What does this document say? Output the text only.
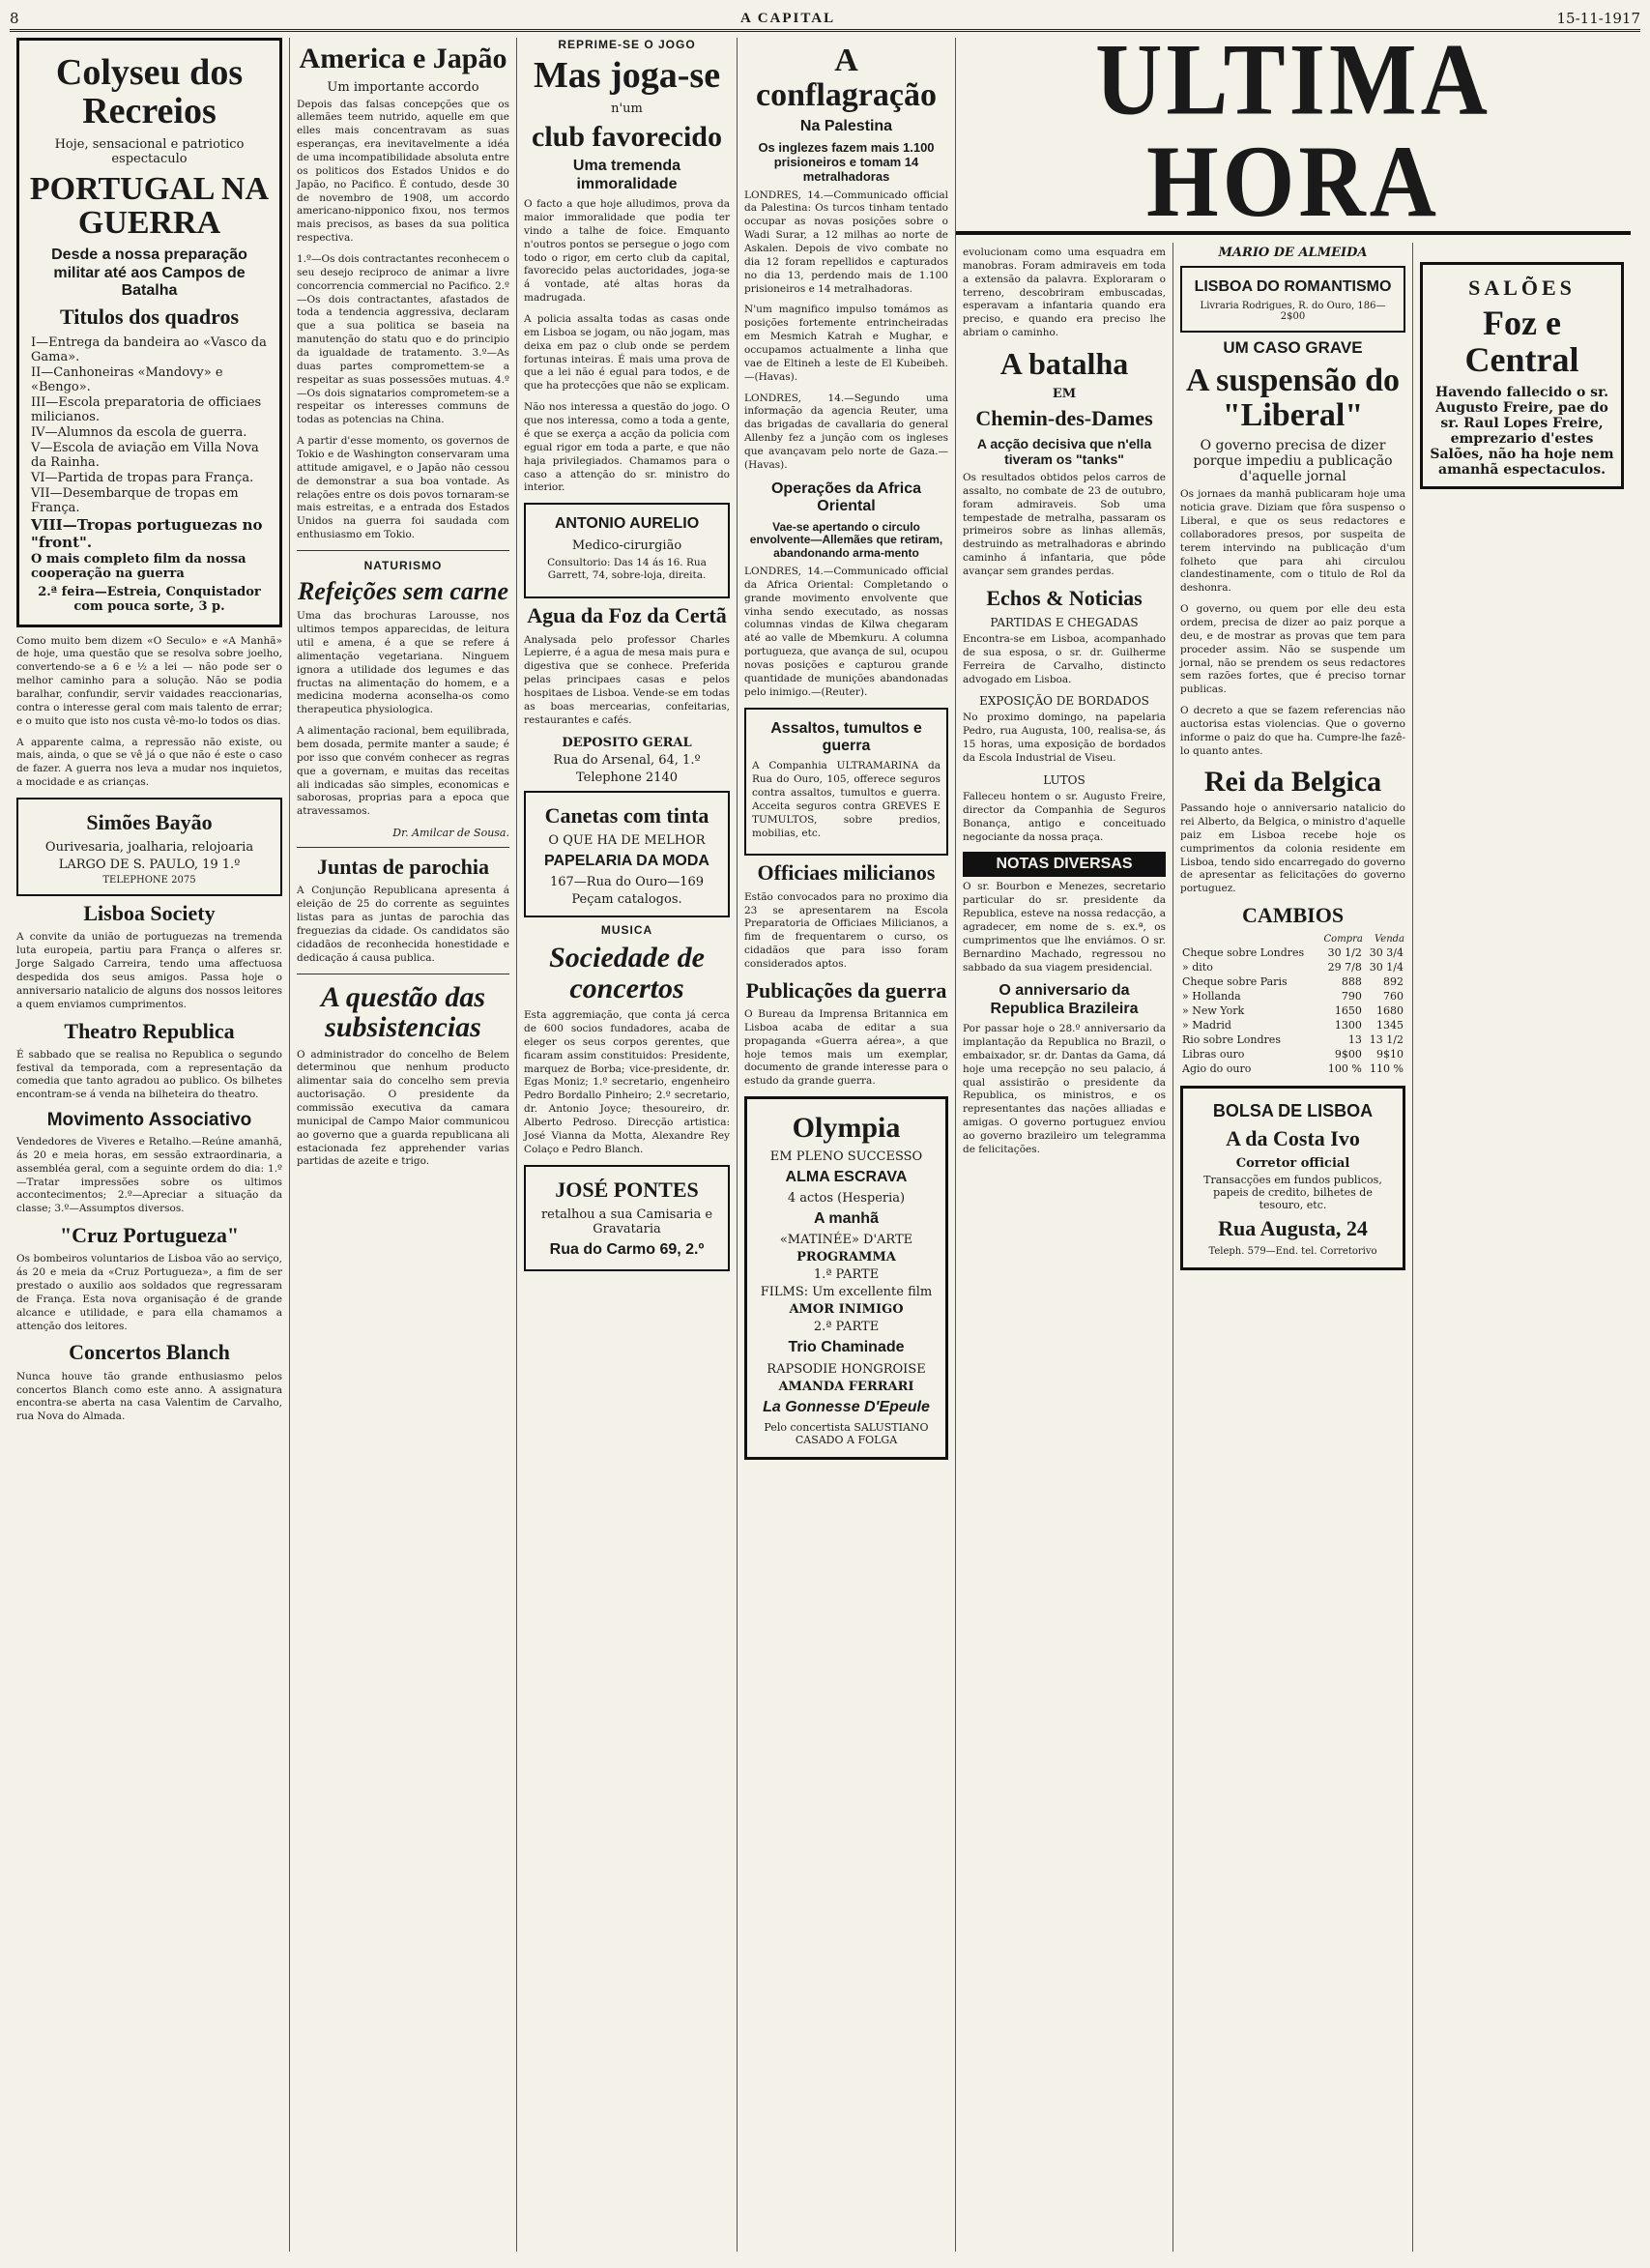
8	A CAPITAL	15-11-1917
Colyseu dos Recreios
Hoje, sensacional e patriotico espectaculo
PORTUGAL NA GUERRA
Desde a nossa preparação militar até aos Campos de Batalha
Titulos dos quadros
I—Entrega da bandeira ao «Vasco da Gama».
II—Canhoneiras «Mandovy» e «Bengo».
III—Escola preparatoria de officiaes milicianos.
IV—Alumnos da escola de guerra.
V—Escola de aviação em Villa Nova da Rainha.
VI—Partida de tropas para França.
VII—Desembarque de tropas em França.
VIII—Tropas portuguezas no "front".
O mais completo film da nossa cooperação na guerra
2.ª feira—Estreia, Conquistador com pouca sorte, 3 p.

Como muito bem dizem «O Seculo» e «A Manhã» de hoje, uma questão que se resolva sobre joelho, convertendo-se a 6 e ½ a lei — não pode ser o melhor caminho para a solução. Não se podia baralhar, confundir, servir vaidades reaccionarias, contra o interesse geral com mais talento de errar; e o muito que isto nos custa vê-mo-lo todos os dias.

A apparente calma, a repressão não existe, ou mais, ainda, o que se vê já o que não é este o caso de fazer. A guerra nos leva a mudar nos inquietos, a mocidade e as crianças.

Simões Bayão
Ourivesaria, joalharia, relojoaria
LARGO DE S. PAULO, 19 1.º
TELEPHONE 2075
Lisboa Society

A convite da união de portuguezas na tremenda luta europeia, partiu para França o alferes sr. Jorge Salgado Carreira, tendo uma affectuosa despedida dos seus amigos. Passa hoje o anniversario natalicio de alguns dos nossos leitores a quem enviamos cumprimentos.

Theatro Republica

É sabbado que se realisa no Republica o segundo festival da temporada, com a representação da comedia que tanto agradou ao publico. Os bilhetes encontram-se á venda na bilheteira do theatro.

Movimento Associativo

Vendedores de Viveres e Retalho.—Reúne amanhã, ás 20 e meia horas, em sessão extraordinaria, a assembléa geral, com a seguinte ordem do dia: 1.º—Tratar impressões sobre os ultimos accontecimentos; 2.º—Apreciar a situação da classe; 3.º—Assumptos diversos.

"Cruz Portugueza"

Os bombeiros voluntarios de Lisboa vão ao serviço, ás 20 e meia da «Cruz Portugueza», a fim de ser prestado o auxilio aos soldados que regressaram de França. Esta nova organisação é de grande alcance e utilidade, e para ella chamamos a attenção dos leitores.

Concertos Blanch

Nunca houve tão grande enthusiasmo pelos concertos Blanch como este anno. A assignatura encontra-se aberta na casa Valentim de Carvalho, rua Nova do Almada.

America e Japão
Um importante accordo

Depois das falsas concepções que os allemães teem nutrido, aquelle em que elles mais concentravam as suas esperanças, era inevitavelmente a idéa de uma incompatibilidade absoluta entre os politicos dos Estados Unidos e do Japão, no Pacifico. É contudo, desde 30 de novembro de 1908, um accordo americano-nipponico fixou, nos termos mais precisos, as bases da sua politica respectiva.

1.º—Os dois contractantes reconhecem o seu desejo reciproco de animar a livre concorrencia commercial no Pacifico. 2.º—Os dois contractantes, afastados de toda a tendencia aggressiva, declaram que a sua politica se baseia na manutenção do statu quo e do principio da igualdade de tratamento. 3.º—As duas partes compromettem-se a respeitar as suas possessões mutuas. 4.º—Os dois signatarios comprometem-se a respeitar os interesses communs de todas as potencias na China.

A partir d'esse momento, os governos de Tokio e de Washington conservaram uma attitude amigavel, e o Japão não cessou de demonstrar a sua boa vontade. As relações entre os dois povos tornaram-se mais estreitas, e a entrada dos Estados Unidos na guerra foi saudada com enthusiasmo em Tokio.

NATURISMO
Refeições sem carne

Uma das brochuras Larousse, nos ultimos tempos apparecidas, de leitura util e amena, é a que se refere á alimentação vegetariana. Ninguem ignora a utilidade dos legumes e das fructas na alimentação do homem, e a medicina moderna aconselha-os como therapeutica physiologica.

A alimentação racional, bem equilibrada, bem dosada, permite manter a saude; é por isso que convém conhecer as regras que a governam, e muitas das receitas ali indicadas são simples, economicas e saborosas, proprias para a epoca que atravessamos.

Dr. Amilcar de Sousa.
Juntas de parochia

A Conjunção Republicana apresenta á eleição de 25 do corrente as seguintes listas para as juntas de parochia das freguezias da cidade. Os candidatos são cidadãos de reconhecida honestidade e dedicação á causa publica.

A questão das subsistencias

O administrador do concelho de Belem determinou que nenhum producto alimentar saia do concelho sem previa auctorisação. O presidente da commissão executiva da camara municipal de Campo Maior communicou ao governo que a guarda republicana ali estacionada fez apprehender varias partidas de azeite e trigo.

REPRIME-SE O JOGO
Mas joga-se
n'um
club favorecido
Uma tremenda immoralidade

O facto a que hoje alludimos, prova da maior immoralidade que podia ter vindo a talhe de foice. Emquanto n'outros pontos se persegue o jogo com todo o rigor, em certo club da capital, favorecido pelas auctoridades, joga-se á vontade, até altas horas da madrugada.

A policia assalta todas as casas onde em Lisboa se jogam, ou não jogam, mas deixa em paz o club onde se perdem fortunas inteiras. É mais uma prova de que a lei não é egual para todos, e de que ha protecções que não se explicam.

Não nos interessa a questão do jogo. O que nos interessa, como a toda a gente, é que se exerça a acção da policia com egual rigor em toda a parte, e que não haja privilegiados. Chamamos para o caso a attenção do sr. ministro do interior.

ANTONIO AURELIO
Medico-cirurgião
Consultorio: Das 14 ás 16. Rua Garrett, 74, sobre-loja, direita.
Agua da Foz da Certã

Analysada pelo professor Charles Lepierre, é a agua de mesa mais pura e digestiva que se conhece. Preferida pelas principaes casas e pelos hospitaes de Lisboa. Vende-se em todas as boas mercearias, confeitarias, restaurantes e cafés.

DEPOSITO GERAL
Rua do Arsenal, 64, 1.º
Telephone 2140
Canetas com tinta
O QUE HA DE MELHOR
PAPELARIA DA MODA
167—Rua do Ouro—169
Peçam catalogos.
MUSICA
Sociedade de concertos

Esta aggremiação, que conta já cerca de 600 socios fundadores, acaba de eleger os seus corpos gerentes, que ficaram assim constituidos: Presidente, marquez de Borba; vice-presidente, dr. Egas Moniz; 1.º secretario, engenheiro Pedro Bordallo Pinheiro; 2.º secretario, dr. Antonio Joyce; thesoureiro, dr. Alberto Pedroso. Direcção artistica: José Vianna da Motta, Alexandre Rey Colaço e Pedro Blanch.

JOSÉ PONTES
retalhou a sua Camisaria e Gravataria
Rua do Carmo 69, 2.º
A conflagração
Na Palestina
Os inglezes fazem mais 1.100 prisioneiros e tomam 14 metralhadoras

LONDRES, 14.—Communicado official da Palestina: Os turcos tinham tentado occupar as novas posições sobre o Wadi Surar, a 12 milhas ao norte de Askalen. Depois de vivo combate no dia 12 foram repellidos e capturados no dia 13, perdendo mais de 1.100 prisioneiros e 14 metralhadoras.

N'um magnifico impulso tomámos as posições fortemente entrincheiradas em Mesmich Katrah e Mughar, e occupamos actualmente a linha que vae de Eltineh a leste de El Kubeibeh.—(Havas).

LONDRES, 14.—Segundo uma informação da agencia Reuter, uma das brigadas de cavallaria do general Allenby fez a junção com os ingleses que avançavam pelo norte de Gaza.—(Havas).

Operações da Africa Oriental
Vae-se apertando o circulo envolvente—Allemães que retiram, abandonando arma-mento

LONDRES, 14.—Communicado official da Africa Oriental: Completando o grande movimento envolvente que vinha sendo executado, as nossas columnas vindas de Kilwa chegaram até ao valle de Mbemkuru. A columna portugueza, que avança de sul, ocupou novas posições e capturou grande quantidade de munições abandonadas pelo inimigo.—(Reuter).

Assaltos, tumultos e guerra
A Companhia ULTRAMARINA da Rua do Ouro, 105, offerece seguros contra assaltos, tumultos e guerra. Acceita seguros contra GREVES E TUMULTOS, sobre predios, mobilias, etc.
Officiaes milicianos

Estão convocados para no proximo dia 23 se apresentarem na Escola Preparatoria de Officiaes Milicianos, a fim de frequentarem o curso, os cidadãos que para isso foram considerados aptos.

Publicações da guerra

O Bureau da Imprensa Britannica em Lisboa acaba de editar a sua propaganda «Guerra aérea», a que hoje temos mais um exemplar, documento de grande interesse para o estudo da grande guerra.

Olympia
EM PLENO SUCCESSO
ALMA ESCRAVA
4 actos (Hesperia)
A manhã
«MATINÉE» D'ARTE
PROGRAMMA
1.ª PARTE
FILMS: Um excellente film
AMOR INIMIGO
2.ª PARTE
Trio Chaminade
RAPSODIE HONGROISE
AMANDA FERRARI
La Gonnesse D'Epeule
Pelo concertista SALUSTIANO CASADO A FOLGA
ULTIMA HORA

evolucionam como uma esquadra em manobras. Foram admiraveis em toda a extensão da palavra. Exploraram o terreno, descobriram embuscadas, esperavam a infantaria quando era preciso, e quando era preciso lhe abriam o caminho.

A batalha
EM
Chemin-des-Dames
A acção decisiva que n'ella tiveram os "tanks"

Os resultados obtidos pelos carros de assalto, no combate de 23 de outubro, foram admiraveis. Sob uma tempestade de metralha, passaram os primeiros sobre as linhas allemãs, destruindo as metralhadoras e abrindo caminho á infantaria, que pôde avançar sem grandes perdas.

Echos & Noticias
PARTIDAS E CHEGADAS

Encontra-se em Lisboa, acompanhado de sua esposa, o sr. dr. Guilherme Ferreira de Carvalho, distincto advogado em Lisboa.

EXPOSIÇÃO DE BORDADOS

No proximo domingo, na papelaria Pedro, rua Augusta, 100, realisa-se, ás 15 horas, uma exposição de bordados da Escola Industrial de Viseu.

LUTOS

Falleceu hontem o sr. Augusto Freire, director da Companhia de Seguros Bonança, antigo e conceituado negociante da nossa praça.

NOTAS DIVERSAS

O sr. Bourbon e Menezes, secretario particular do sr. presidente da Republica, esteve na nossa redacção, a agradecer, em nome de s. ex.ª, os cumprimentos que lhe enviámos. O sr. Bernardino Machado, regressou no sabbado da sua viagem presidencial.

O anniversario da Republica Brazileira

Por passar hoje o 28.º anniversario da implantação da Republica no Brazil, o embaixador, sr. dr. Dantas da Gama, dá hoje uma recepção no seu palacio, á qual assistirão o presidente da Republica, os ministros, e os representantes das nações alliadas e amigas. O governo portuguez enviou ao governo brazileiro um telegramma de felicitações.

MARIO DE ALMEIDA
LISBOA DO ROMANTISMO
Livraria Rodrigues, R. do Ouro, 186—2$00
UM CASO GRAVE
A suspensão do "Liberal"
O governo precisa de dizer porque impediu a publicação d'aquelle jornal

Os jornaes da manhã publicaram hoje uma noticia grave. Diziam que fôra suspenso o Liberal, e que os seus redactores e collaboradores presos, por suspeita de terem intervindo na publicação d'um folheto que para ahi circulou clandestinamente, com o titulo de Rol da deshonra.

O governo, ou quem por elle deu esta ordem, precisa de dizer ao paiz porque a deu, e de mostrar as provas que tem para proceder assim. Não se suspende um jornal, não se prendem os seus redactores sem razões fortes, que é preciso tornar publicas.

O decreto a que se fazem referencias não auctorisa estas violencias. Que o governo informe o paiz do que ha. Cumpre-lhe fazê-lo quanto antes.

Rei da Belgica

Passando hoje o anniversario natalicio do rei Alberto, da Belgica, o ministro d'aquelle paiz em Lisboa recebe hoje os cumprimentos da colonia residente em Lisboa, tendo sido encarregado do governo de apresentar as felicitações do governo portuguez.

CAMBIOS
	Compra	Venda
Cheque sobre Londres	30 1/2	30 3/4
» dito	29 7/8	30 1/4
Cheque sobre Paris	888	892
» Hollanda	790	760
» New York	1650	1680
» Madrid	1300	1345
Rio sobre Londres	13	13 1/2
Libras ouro	9$00	9$10
Agio do ouro	100 %	110 %
BOLSA DE LISBOA
A da Costa Ivo
Corretor official
Transacções em fundos publicos, papeis de credito, bilhetes de tesouro, etc.
Rua Augusta, 24
Teleph. 579—End. tel. Corretorivo
SALÕES
Foz e Central
Havendo fallecido o sr. Augusto Freire, pae do sr. Raul Lopes Freire, emprezario d'estes Salões, não ha hoje nem amanhã espectaculos.
